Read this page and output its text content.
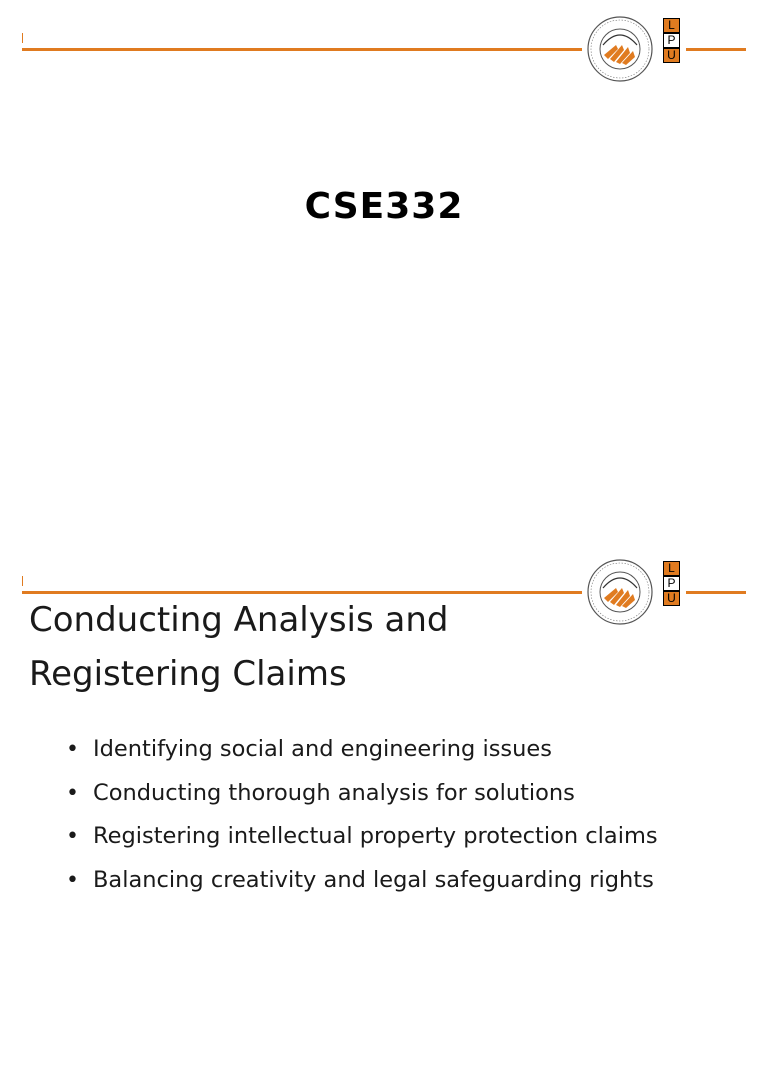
L
P
U
CSE332
L
P
U
Conducting Analysis and
Registering Claims
• Identifying social and engineering issues
• Conducting thorough analysis for solutions
• Registering intellectual property protection claims
• Balancing creativity and legal safeguarding rights
